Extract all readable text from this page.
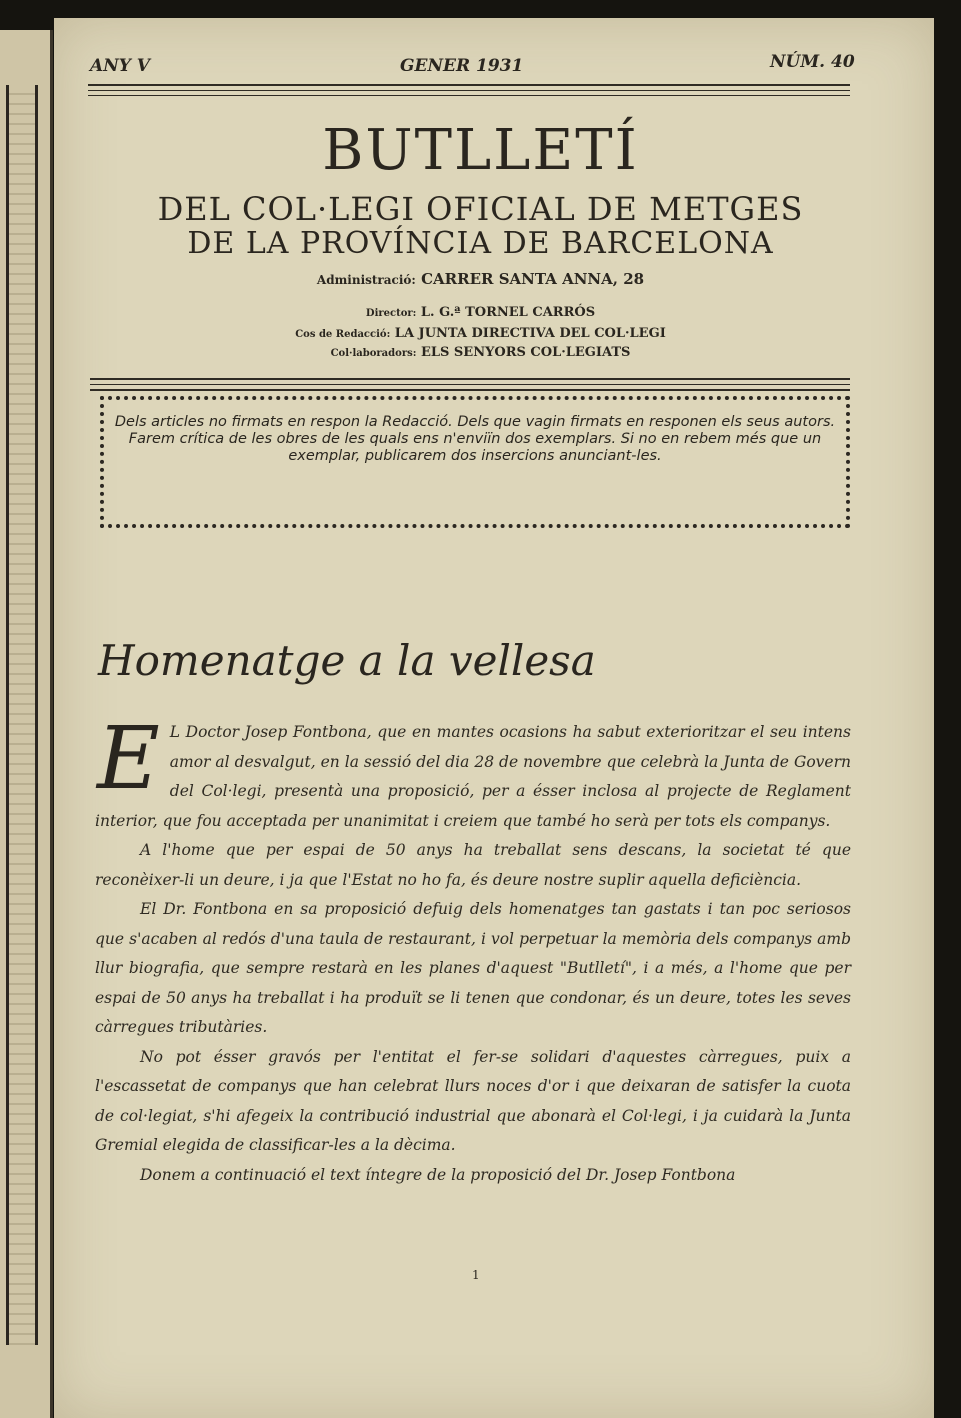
ANY V	GENER 1931	NÚM. 40
BUTLLETÍ
DEL COL·LEGI OFICIAL DE METGES
DE LA PROVÍNCIA DE BARCELONA
Administració: CARRER SANTA ANNA, 28
Director: L. G.ª TORNEL CARRÓS
Cos de Redacció: LA JUNTA DIRECTIVA DEL COL·LEGI
Col·laboradors: ELS SENYORS COL·LEGIATS

Dels articles no firmats en respon la Redacció. Dels que vagin firmats en responen els seus autors.

Farem crítica de les obres de les quals ens n'enviïn dos exemplars. Si no en rebem més que un exemplar, publicarem dos insercions anunciant-les.

Homenatge a la vellesa

E L Doctor Josep Fontbona, que en mantes ocasions ha sabut exterioritzar el seu intens amor al desvalgut, en la sessió del dia 28 de novembre que celebrà la Junta de Govern del Col·legi, presentà una proposició, per a ésser inclosa al projecte de Reglament interior, que fou acceptada per unanimitat i creiem que també ho serà per tots els companys.

A l'home que per espai de 50 anys ha treballat sens descans, la societat té que reconèixer-li un deure, i ja que l'Estat no ho fa, és deure nostre suplir aquella deficiència.

El Dr. Fontbona en sa proposició defuig dels homenatges tan gastats i tan poc seriosos que s'acaben al redós d'una taula de restaurant, i vol perpetuar la memòria dels companys amb llur biografia, que sempre restarà en les planes d'aquest "Butlletí", i a més, a l'home que per espai de 50 anys ha treballat i ha produït se li tenen que condonar, és un deure, totes les seves càrregues tributàries.

No pot ésser gravós per l'entitat el fer-se solidari d'aquestes càrregues, puix a l'escassetat de companys que han celebrat llurs noces d'or i que deixaran de satisfer la cuota de col·legiat, s'hi afegeix la contribució industrial que abonarà el Col·legi, i ja cuidarà la Junta Gremial elegida de classificar-les a la dècima.

Donem a continuació el text íntegre de la proposició del Dr. Josep Fontbona

1
